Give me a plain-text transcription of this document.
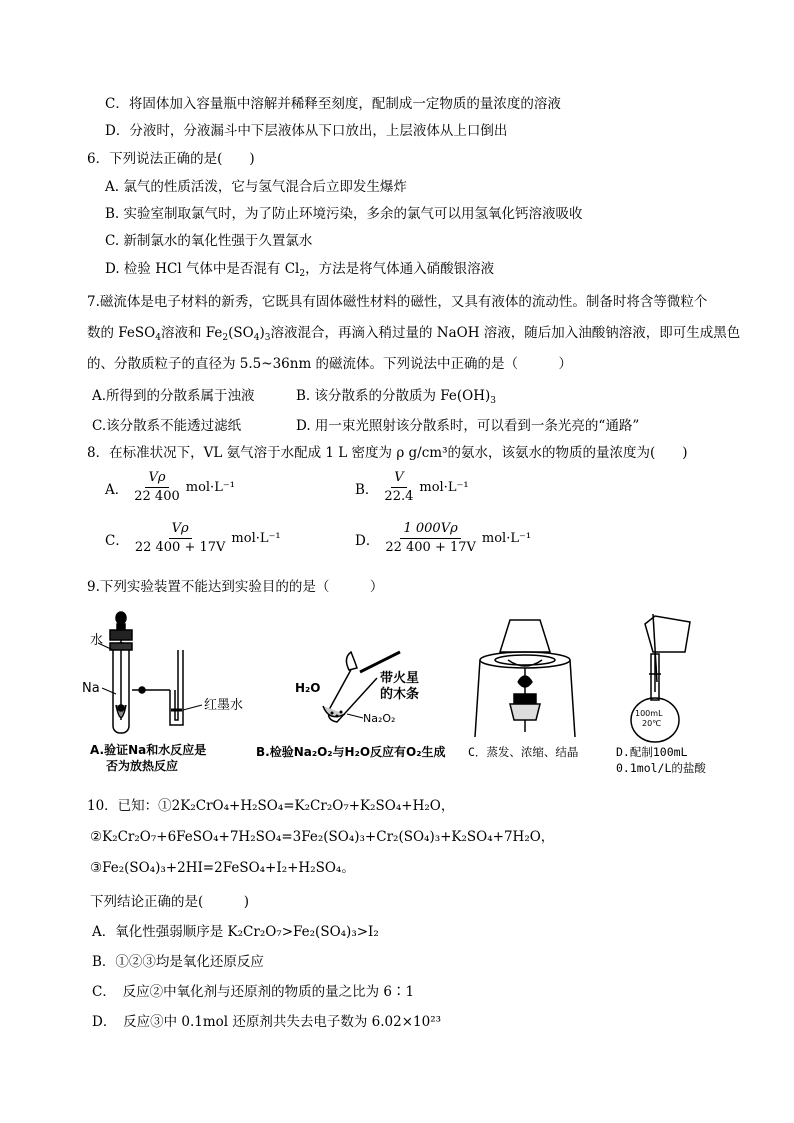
C．将固体加入容量瓶中溶解并稀释至刻度，配制成一定物质的量浓度的溶液
D．分液时，分液漏斗中下层液体从下口放出，上层液体从上口倒出
6．下列说法正确的是(　　)
A. 氯气的性质活泼，它与氢气混合后立即发生爆炸
B. 实验室制取氯气时，为了防止环境污染，多余的氯气可以用氢氧化钙溶液吸收
C. 新制氯水的氧化性强于久置氯水
D. 检验 HCl 气体中是否混有 $Cl_2$，方法是将气体通入硝酸银溶液
7.磁流体是电子材料的新秀，它既具有固体磁性材料的磁性，又具有液体的流动性。制备时将含等微粒个
数的 FeSO$_4$溶液和 $Fe_2(SO_4)_3$溶液混合，再滴入稍过量的 NaOH 溶液，随后加入油酸钠溶液，即可生成黑色
的、分散质粒子的直径为 5.5~36nm 的磁流体。下列说法中正确的是（　　　）
A.所得到的分散系属于浊液	B. 该分散系的分散质为 $Fe(OH)_3$
C.该分散系不能透过滤纸	D. 用一束光照射该分散系时，可以看到一条光亮的“通路”
8．在标准状况下，VL 氨气溶于水配成 1 L 密度为 ρ g/cm³的氨水，该氨水的物质的量浓度为(　　)
A． $\frac{V\rho}{22 400} mol\cdot L^{-1}$	B． $\frac{V}{22.4} mol\cdot L^{-1}$
C． $\frac{V\rho}{22 400 + 17V} mol\cdot L^{-1}$	D． $\frac{1 000V\rho}{22 400 + 17V} mol\cdot L^{-1}$
9.下列实验装置不能达到实验目的的是（　　　）
水
Na
红墨水
A.验证Na和水反应是
否为放热反应
H₂O
带火星
的木条
Na₂O₂
B.检验Na₂O₂与H₂O反应有O₂生成 C．蒸发、浓缩、结晶
100mL
20℃
D.配制100mL
0.1mol/L的盐酸
10．已知：①2K₂CrO₄+H₂SO₄=K₂Cr₂O₇+K₂SO₄+H₂O，
②K₂Cr₂O₇+6FeSO₄+7H₂SO₄=3Fe₂(SO₄)₃+Cr₂(SO₄)₃+K₂SO₄+7H₂O，
③Fe₂(SO₄)₃+2HI=2FeSO₄+I₂+H₂SO₄。
下列结论正确的是(　　　)
A．氧化性强弱顺序是 K₂Cr₂O₇>Fe₂(SO₄)₃>I₂
B．①②③均是氧化还原反应
C．　反应②中氧化剂与还原剂的物质的量之比为 6∶1
D．　反应③中 0.1mol 还原剂共失去电子数为 6.02×10²³
